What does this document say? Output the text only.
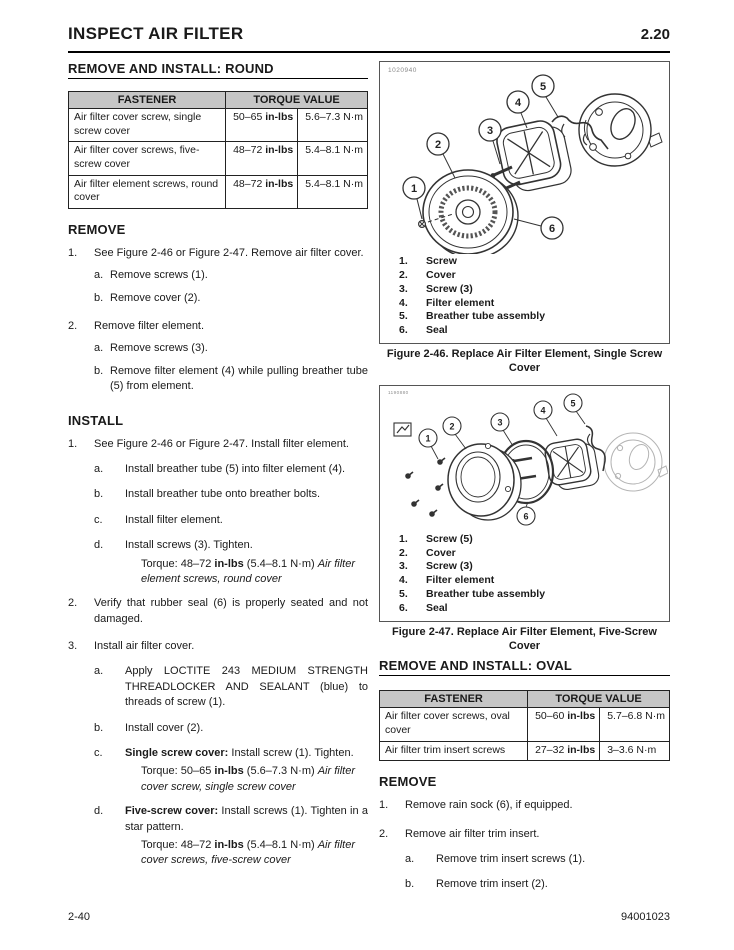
INSPECT AIR FILTER	2.20
REMOVE AND INSTALL: ROUND
FASTENER	TORQUE VALUE	
Air filter cover screw, single screw cover	50–65 in-lbs	5.6–7.3 N·m
Air filter cover screws, five-screw cover	48–72 in-lbs	5.4–8.1 N·m
Air filter element screws, round cover	48–72 in-lbs	5.4–8.1 N·m
REMOVE
1.	See Figure 2-46 or Figure 2-47. Remove air filter cover.
a. Remove screws (1).
b. Remove cover (2).
2.	Remove filter element.
a. Remove screws (3).
b. Remove filter element (4) while pulling breather tube (5) from element.
INSTALL
1.	See Figure 2-46 or Figure 2-47. Install filter element.
a.	Install breather tube (5) into filter element (4).
b.	Install breather tube onto breather bolts.
c.	Install filter element.
d.	Install screws (3). Tighten.
Torque: 48–72 in-lbs (5.4–8.1 N·m) Air filter element screws, round cover
2.	Verify that rubber seal (6) is properly seated and not damaged.
3.	Install air filter cover.
a.	Apply LOCTITE 243 MEDIUM STRENGTH THREADLOCKER AND SEALANT (blue) to threads of screw (1).
b.	Install cover (2).
c.	Single screw cover: Install screw (1). Tighten.
Torque: 50–65 in-lbs (5.6–7.3 N·m) Air filter cover screw, single screw cover
d.	Five-screw cover: Install screws (1). Tighten in a star pattern.
Torque: 48–72 in-lbs (5.4–8.1 N·m) Air filter cover screws, five-screw cover
1020940
1
2
3
4
5
6
1.	Screw
2.	Cover
3.	Screw (3)
4.	Filter element
5.	Breather tube assembly
6.	Seal
Figure 2-46. Replace Air Filter Element, Single Screw Cover
1190880
1
2	3
4
5
6
1.	Screw (5)
2.	Cover
3.	Screw (3)
4.	Filter element
5.	Breather tube assembly
6.	Seal
Figure 2-47. Replace Air Filter Element, Five-Screw Cover
REMOVE AND INSTALL: OVAL
FASTENER	TORQUE VALUE	
Air filter cover screws, oval cover	50–60 in-lbs	5.7–6.8 N·m
Air filter trim insert screws	27–32 in-lbs	3–3.6 N·m
REMOVE
1.	Remove rain sock (6), if equipped.
2.	Remove air filter trim insert.
a.	Remove trim insert screws (1).
b.	Remove trim insert (2).
2-40	94001023
